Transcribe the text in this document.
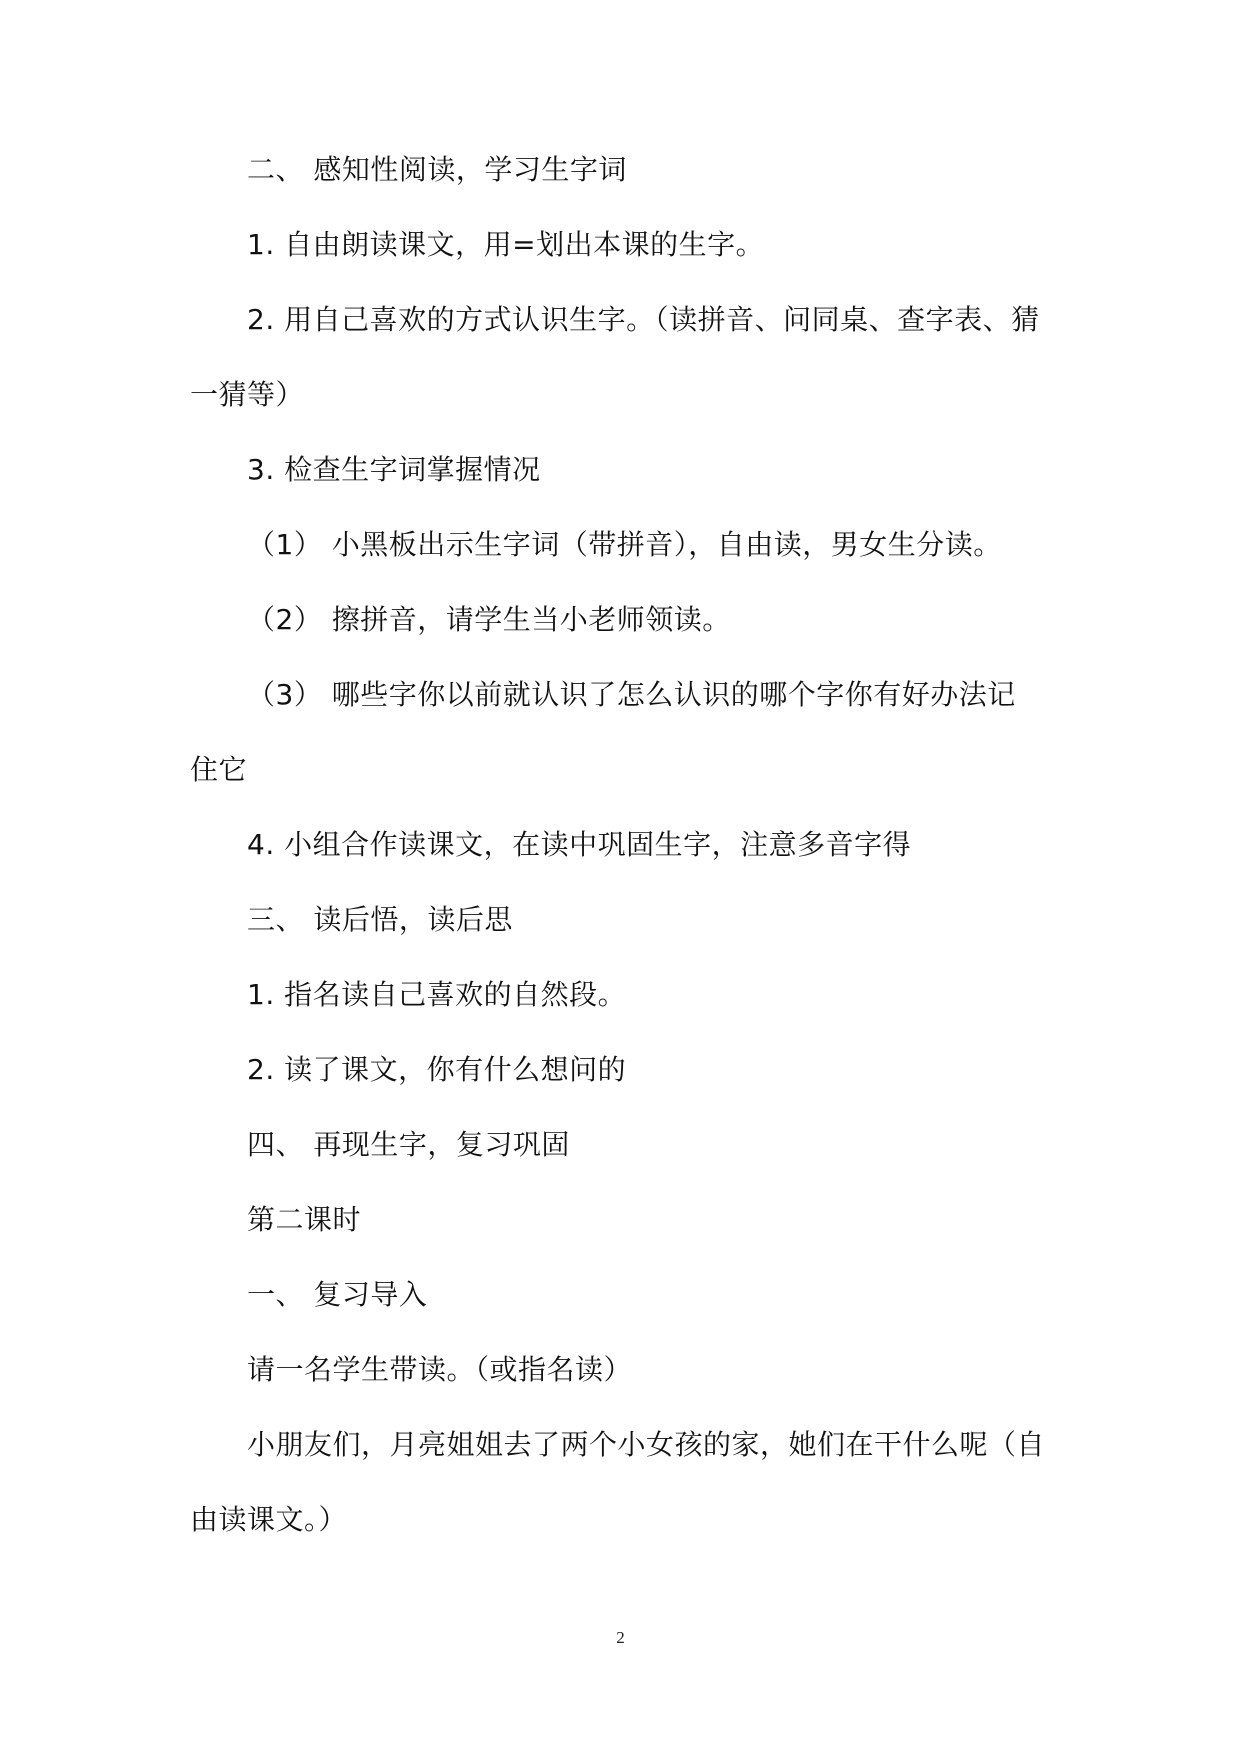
二、 感知性阅读，学习生字词
1. 自由朗读课文，用=划出本课的生字。
2. 用自己喜欢的方式认识生字。（读拼音、问同桌、查字表、猜
一猜等）
3. 检查生字词掌握情况
（1） 小黑板出示生字词（带拼音），自由读，男女生分读。
（2） 擦拼音，请学生当小老师领读。
（3） 哪些字你以前就认识了怎么认识的哪个字你有好办法记
住它
4. 小组合作读课文，在读中巩固生字，注意多音字得
三、 读后悟，读后思
1. 指名读自己喜欢的自然段。
2. 读了课文，你有什么想问的
四、 再现生字，复习巩固
第二课时
一、 复习导入
请一名学生带读。（或指名读）
小朋友们，月亮姐姐去了两个小女孩的家，她们在干什么呢（自
由读课文。）
2
